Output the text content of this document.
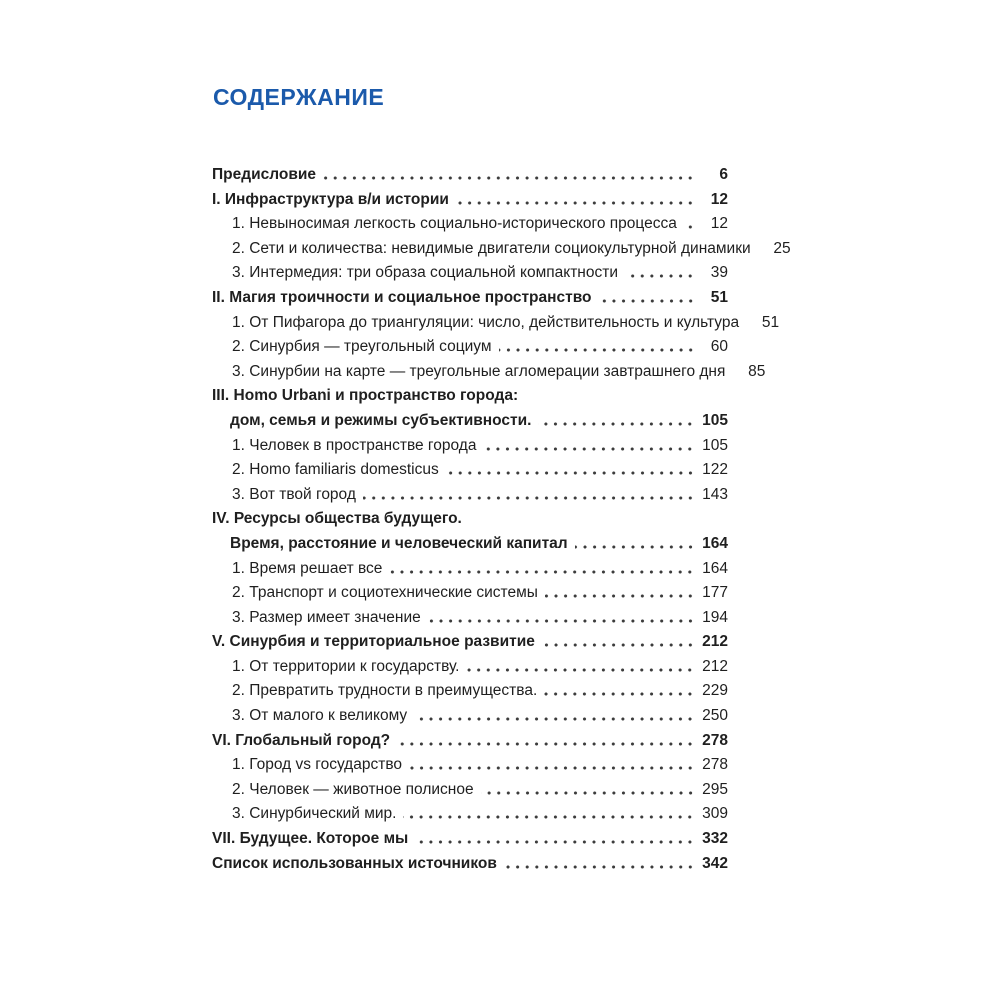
СОДЕРЖАНИЕ
Предисловие	6
I. Инфраструктура в/и истории	12
1. Невыносимая легкость социально-исторического процесса	12
2. Сети и количества: невидимые двигатели социокультурной динамики	25
3. Интермедия: три образа социальной компактности	39
II. Магия троичности и социальное пространство	51
1. От Пифагора до триангуляции: число, действительность и культура	51
2. Синурбия — треугольный социум	60
3. Синурбии на карте — треугольные агломерации завтрашнего дня	85
III. Homo Urbani и пространство города:
дом, семья и режимы субъективности.	105
1. Человек в пространстве города	105
2. Homo familiaris domesticus	122
3. Вот твой город	143
IV. Ресурсы общества будущего.
Время, расстояние и человеческий капитал	164
1. Время решает все	164
2. Транспорт и социотехнические системы	177
3. Размер имеет значение	194
V. Синурбия и территориальное развитие	212
1. От территории к государству.	212
2. Превратить трудности в преимущества.	229
3. От малого к великому	250
VI. Глобальный город?	278
1. Город vs государство	278
2. Человек — животное полисное	295
3. Синурбический мир.	309
VII. Будущее. Которое мы	332
Список использованных источников	342
